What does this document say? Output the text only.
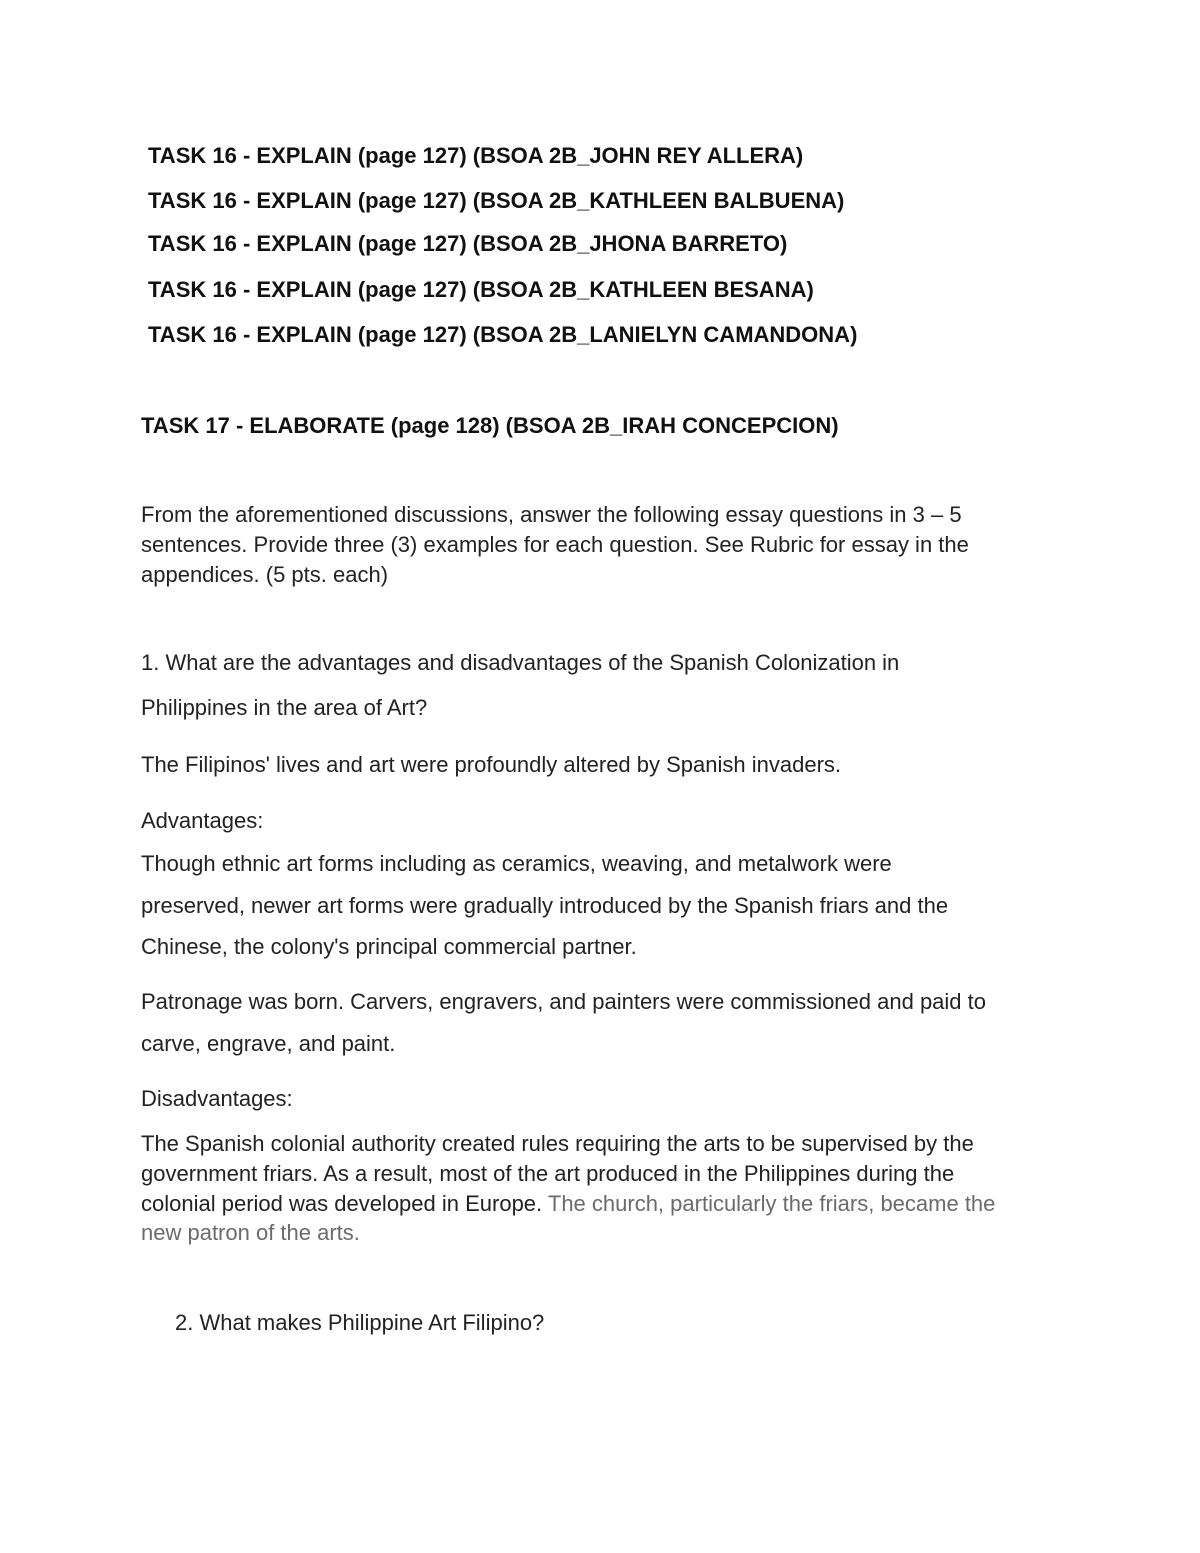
TASK 16 - EXPLAIN (page 127) (BSOA 2B_JOHN REY ALLERA)

TASK 16 - EXPLAIN (page 127) (BSOA 2B_KATHLEEN BALBUENA)

TASK 16 - EXPLAIN (page 127) (BSOA 2B_JHONA BARRETO)

TASK 16 - EXPLAIN (page 127) (BSOA 2B_KATHLEEN BESANA)

TASK 16 - EXPLAIN (page 127) (BSOA 2B_LANIELYN CAMANDONA)

TASK 17 - ELABORATE (page 128) (BSOA 2B_IRAH CONCEPCION)

From the aforementioned discussions, answer the following essay questions in 3 – 5

sentences. Provide three (3) examples for each question. See Rubric for essay in the

appendices. (5 pts. each)

1. What are the advantages and disadvantages of the Spanish Colonization in

Philippines in the area of Art?

The Filipinos' lives and art were profoundly altered by Spanish invaders.

Advantages:

Though ethnic art forms including as ceramics, weaving, and metalwork were

preserved, newer art forms were gradually introduced by the Spanish friars and the

Chinese, the colony's principal commercial partner.

Patronage was born. Carvers, engravers, and painters were commissioned and paid to

carve, engrave, and paint.

Disadvantages:

The Spanish colonial authority created rules requiring the arts to be supervised by the

government friars. As a result, most of the art produced in the Philippines during the

colonial period was developed in Europe. The church, particularly the friars, became the

new patron of the arts.

2. What makes Philippine Art Filipino?
